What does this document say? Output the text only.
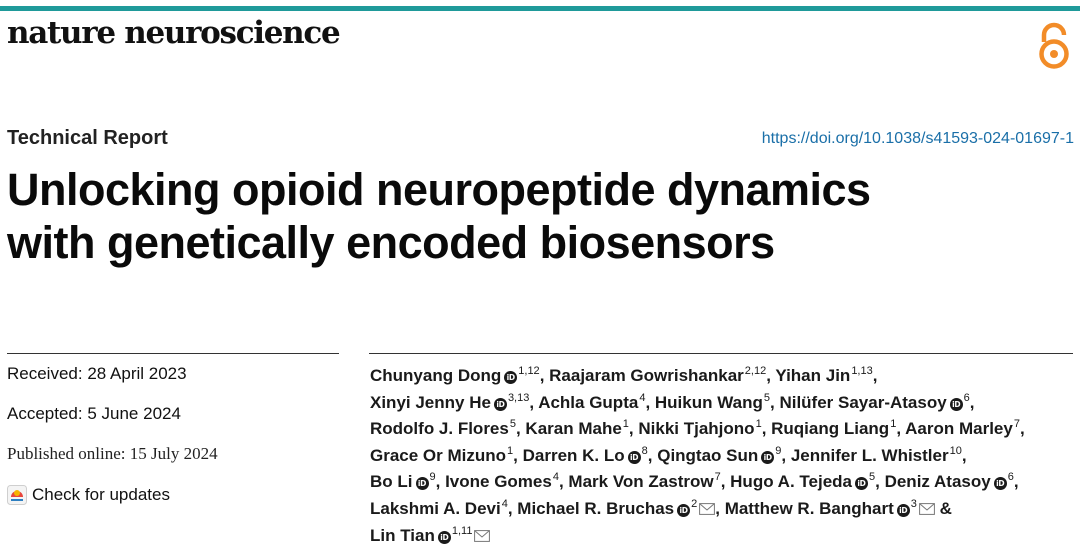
nature neuroscience
Technical Report	https://doi.org/10.1038/s41593-024-01697-1
Unlocking opioid neuropeptide dynamics
with genetically encoded biosensors
Received: 28 April 2023
Accepted: 5 June 2024
Published online: 15 July 2024
Check for updates
Chunyang Dong iD$^{1,12}$, Raajaram Gowrishankar$^{2,12}$, Yihan Jin$^{1,13}$,
Xinyi Jenny He iD$^{3,13}$, Achla Gupta$^4$, Huikun Wang$^5$, Nilüfer Sayar-Atasoy iD$^6$,
Rodolfo J. Flores$^5$, Karan Mahe$^1$, Nikki Tjahjono$^1$, Ruqiang Liang$^1$, Aaron Marley$^7$,
Grace Or Mizuno$^1$, Darren K. Lo iD$^8$, Qingtao Sun iD$^9$, Jennifer L. Whistler$^{10}$,
Bo Li iD$^9$, Ivone Gomes$^4$, Mark Von Zastrow$^7$, Hugo A. Tejeda iD$^5$, Deniz Atasoy iD$^6$,
Lakshmi A. Devi$^4$, Michael R. Bruchas iD$^2$ , Matthew R. Banghart iD$^3$ &
Lin Tian iD$^{1,11}$
